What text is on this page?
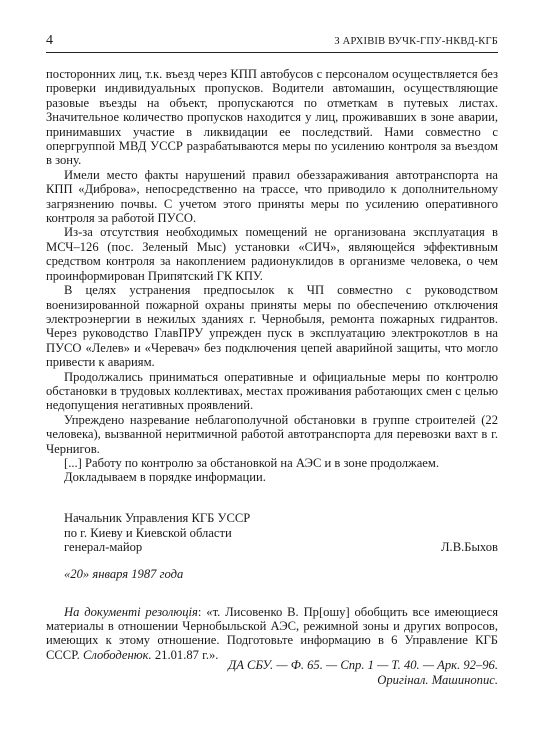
4	З АРХІВІВ ВУЧК-ГПУ-НКВД-КГБ

посторонних лиц, т.к. въезд через КПП автобусов с персоналом осуществляется без проверки индивидуальных пропусков. Водители автомашин, осуществляющие разовые въезды на объект, пропускаются по отметкам в путевых листах. Значительное количество пропусков находится у лиц, проживавших в зоне аварии, принимавших участие в ликвидации ее последствий. Нами совместно с опергруппой МВД УССР разрабатываются меры по усилению контроля за въездом в зону.

Имели место факты нарушений правил обеззараживания автотранспорта на КПП «Диброва», непосредственно на трассе, что приводило к дополнительному загрязнению почвы. С учетом этого приняты меры по усилению оперативного контроля за работой ПУСО.

Из-за отсутствия необходимых помещений не организована эксплуатация в МСЧ–126 (пос. Зеленый Мыс) установки «СИЧ», являющейся эффективным средством контроля за накоплением радионуклидов в организме человека, о чем проинформирован Припятский ГК КПУ.

В целях устранения предпосылок к ЧП совместно с руководством военизированной пожарной охраны приняты меры по обеспечению отключения электроэнергии в нежилых зданиях г. Чернобыля, ремонта пожарных гидрантов. Через руководство ГлавПРУ упрежден пуск в эксплуатацию электрокотлов в на ПУСО «Лелев» и «Черевач» без подключения цепей аварийной защиты, что могло привести к авариям.

Продолжались приниматься оперативные и официальные меры по контролю обстановки в трудовых коллективах, местах проживания работающих смен с целью недопущения негативных проявлений.

Упреждено назревание неблагополучной обстановки в группе строителей (22 человека), вызванной неритмичной работой автотранспорта для перевозки вахт в г. Чернигов.

[...] Работу по контролю за обстановкой на АЭС и в зоне продолжаем.

Докладываем в порядке информации.

Начальник Управления КГБ УССР
по г. Киеву и Киевской области
генерал-майор	Л.В.Быхов
«20» января 1987 года

На документі резолюція: «т. Лисовенко В. Пр[ошу] обобщить все имеющиеся материалы в отношении Чернобыльской АЭС, режимной зоны и других вопросов, имеющих к этому отношение. Подготовьте информацию в 6 Управление КГБ СССР. Слободенюк. 21.01.87 г.».

ДА СБУ. — Ф. 65. — Спр. 1 — Т. 40. — Арк. 92–96.
Оригінал. Машинопис.
